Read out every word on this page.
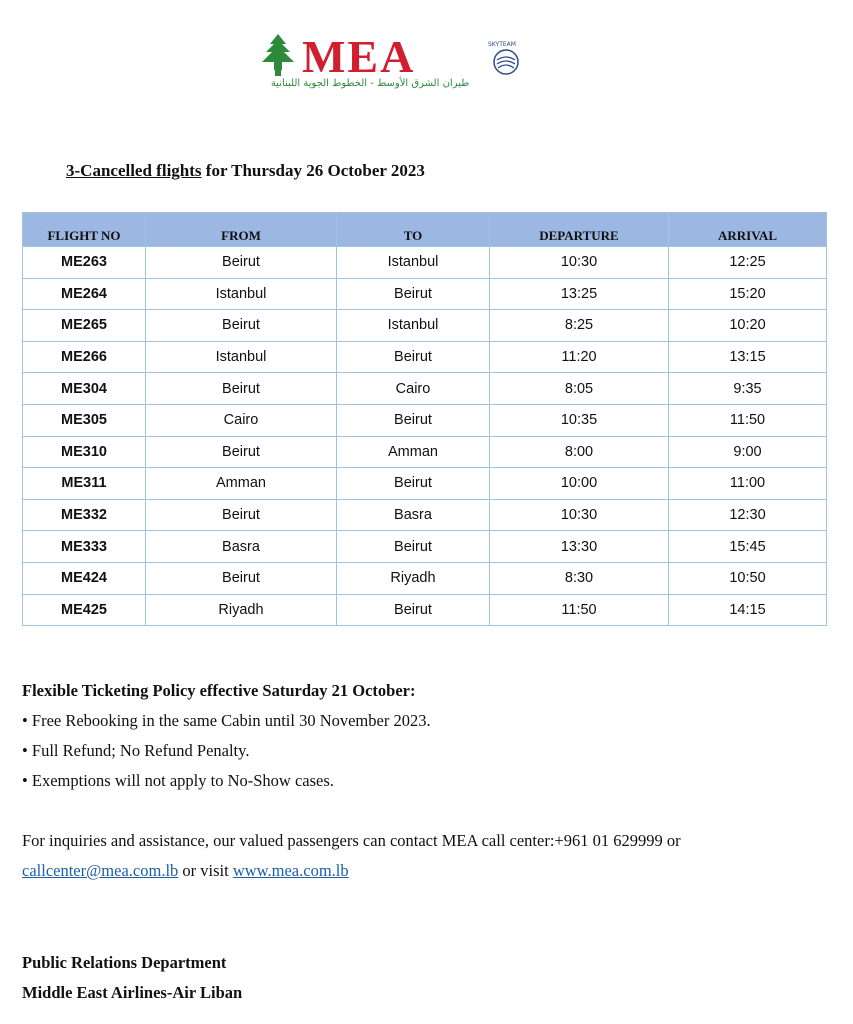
MEA
طيران الشرق الأوسط - الخطوط الجوية اللبنانية
SKYTEAM
3-Cancelled flights for Thursday 26 October 2023
FLIGHT NO	FROM	TO	DEPARTURE	ARRIVAL
ME263	Beirut	Istanbul	10:30	12:25
ME264	Istanbul	Beirut	13:25	15:20
ME265	Beirut	Istanbul	8:25	10:20
ME266	Istanbul	Beirut	11:20	13:15
ME304	Beirut	Cairo	8:05	9:35
ME305	Cairo	Beirut	10:35	11:50
ME310	Beirut	Amman	8:00	9:00
ME311	Amman	Beirut	10:00	11:00
ME332	Beirut	Basra	10:30	12:30
ME333	Basra	Beirut	13:30	15:45
ME424	Beirut	Riyadh	8:30	10:50
ME425	Riyadh	Beirut	11:50	14:15
Flexible Ticketing Policy effective Saturday 21 October:
• Free Rebooking in the same Cabin until 30 November 2023.
• Full Refund; No Refund Penalty.
• Exemptions will not apply to No-Show cases.
For inquiries and assistance, our valued passengers can contact MEA call center:+961 01 629999 or
callcenter@mea.com.lb or visit www.mea.com.lb
Public Relations Department
Middle East Airlines-Air Liban
